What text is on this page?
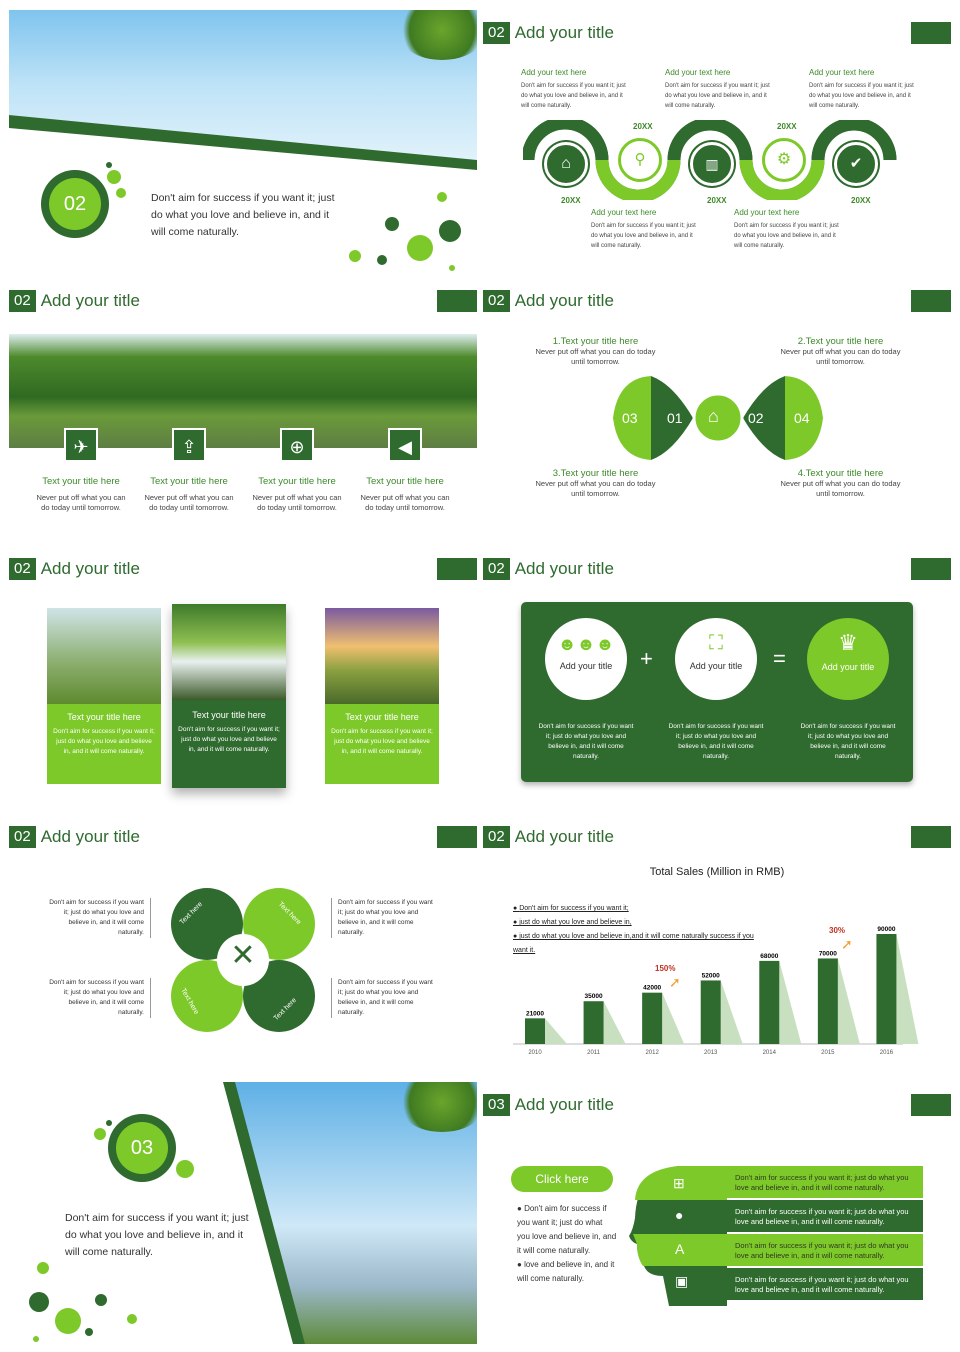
02	Don't aim for success if you want it; just do what you love and believe in, and it will come naturally.
02 Add your title
Add your text here
Don't aim for success if you want it; just do what you love and believe in, and it will come naturally.
Add your text here
Don't aim for success if you want it; just do what you love and believe in, and it will come naturally.
Add your text here
Don't aim for success if you want it; just do what you love and believe in, and it will come naturally.
⌂	⚲	▥	⚙	✔
20XX	20XX
20XX	20XX	20XX
Add your text here
Don't aim for success if you want it; just do what you love and believe in, and it will come naturally.
Add your text here
Don't aim for success if you want it; just do what you love and believe in, and it will come naturally.
02 Add your title
✈
Text your title here
Never put off what you can do today until tomorrow.
⇪
Text your title here
Never put off what you can do today until tomorrow.
⊕
Text your title here
Never put off what you can do today until tomorrow.
◀
Text your title here
Never put off what you can do today until tomorrow.
02 Add your title
1.Text your title here
Never put off what you can do today until tomorrow.
2.Text your title here
Never put off what you can do today until tomorrow.
3.Text your title here
Never put off what you can do today until tomorrow.
4.Text your title here
Never put off what you can do today until tomorrow.
03 01	02 04
⌂
02 Add your title
Text your title here
Don't aim for success if you want it; just do what you love and believe in, and it will come naturally.
Text your title here
Don't aim for success if you want it; just do what you love and believe in, and it will come naturally.
Text your title here
Don't aim for success if you want it; just do what you love and believe in, and it will come naturally.
02 Add your title
☻☻☻
Add your title	+
⛶
Add your title	=
♛
Add your title
Don't aim for success if you want it; just do what you love and believe in, and it will come naturally.
Don't aim for success if you want it; just do what you love and believe in, and it will come naturally.
Don't aim for success if you want it; just do what you love and believe in, and it will come naturally.
02 Add your title
Don't aim for success if you want it; just do what you love and believe in, and it will come naturally.
Don't aim for success if you want it; just do what you love and believe in, and it will come naturally.
Don't aim for success if you want it; just do what you love and believe in, and it will come naturally.
Don't aim for success if you want it; just do what you love and believe in, and it will come naturally.
✕
Text here	Text here
Text here	Text here
02 Add your title
Total Sales (Million in RMB)
● Don't aim for success if you want it;
● just do what you love and believe in,
● just do what you love and believe in,and it will come naturally success if you want it.
21000
2010
35000
2011
42000
2012
52000
2013
68000
2014
70000
2015
90000
2016
150%
30%
➚
➚
03
Don't aim for success if you want it; just do what you love and believe in, and it will come naturally.
03 Add your title
Click here
● Don't aim for success if you want it; just do what you love and believe in, and it will come naturally.
● love and believe in, and it will come naturally.
⊞
●
A
▣
Don't aim for success if you want it; just do what you love and believe in, and it will come naturally.
Don't aim for success if you want it; just do what you love and believe in, and it will come naturally.
Don't aim for success if you want it; just do what you love and believe in, and it will come naturally.
Don't aim for success if you want it; just do what you love and believe in, and it will come naturally.
